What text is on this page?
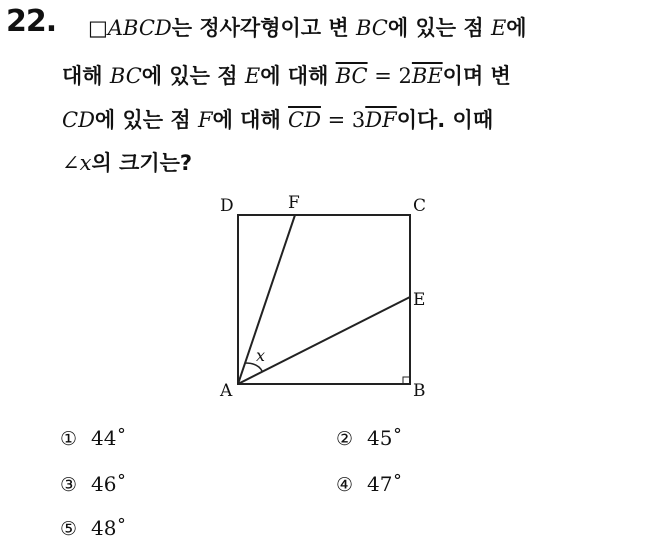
22. □ABCD는 정사각형이고 변 BC에 있는 점 E에
대해 BC에 있는 점 E에 대해 $\overline{BC} = 2\overline{BE}$이며 변
CD에 있는 점 F에 대해 $\overline{CD} = 3\overline{DF}$이다. 이때
∠x의 크기는?
D	F	C
E
A	B
x
① 44˚	② 45˚
③ 46˚	④ 47˚
⑤ 48˚
